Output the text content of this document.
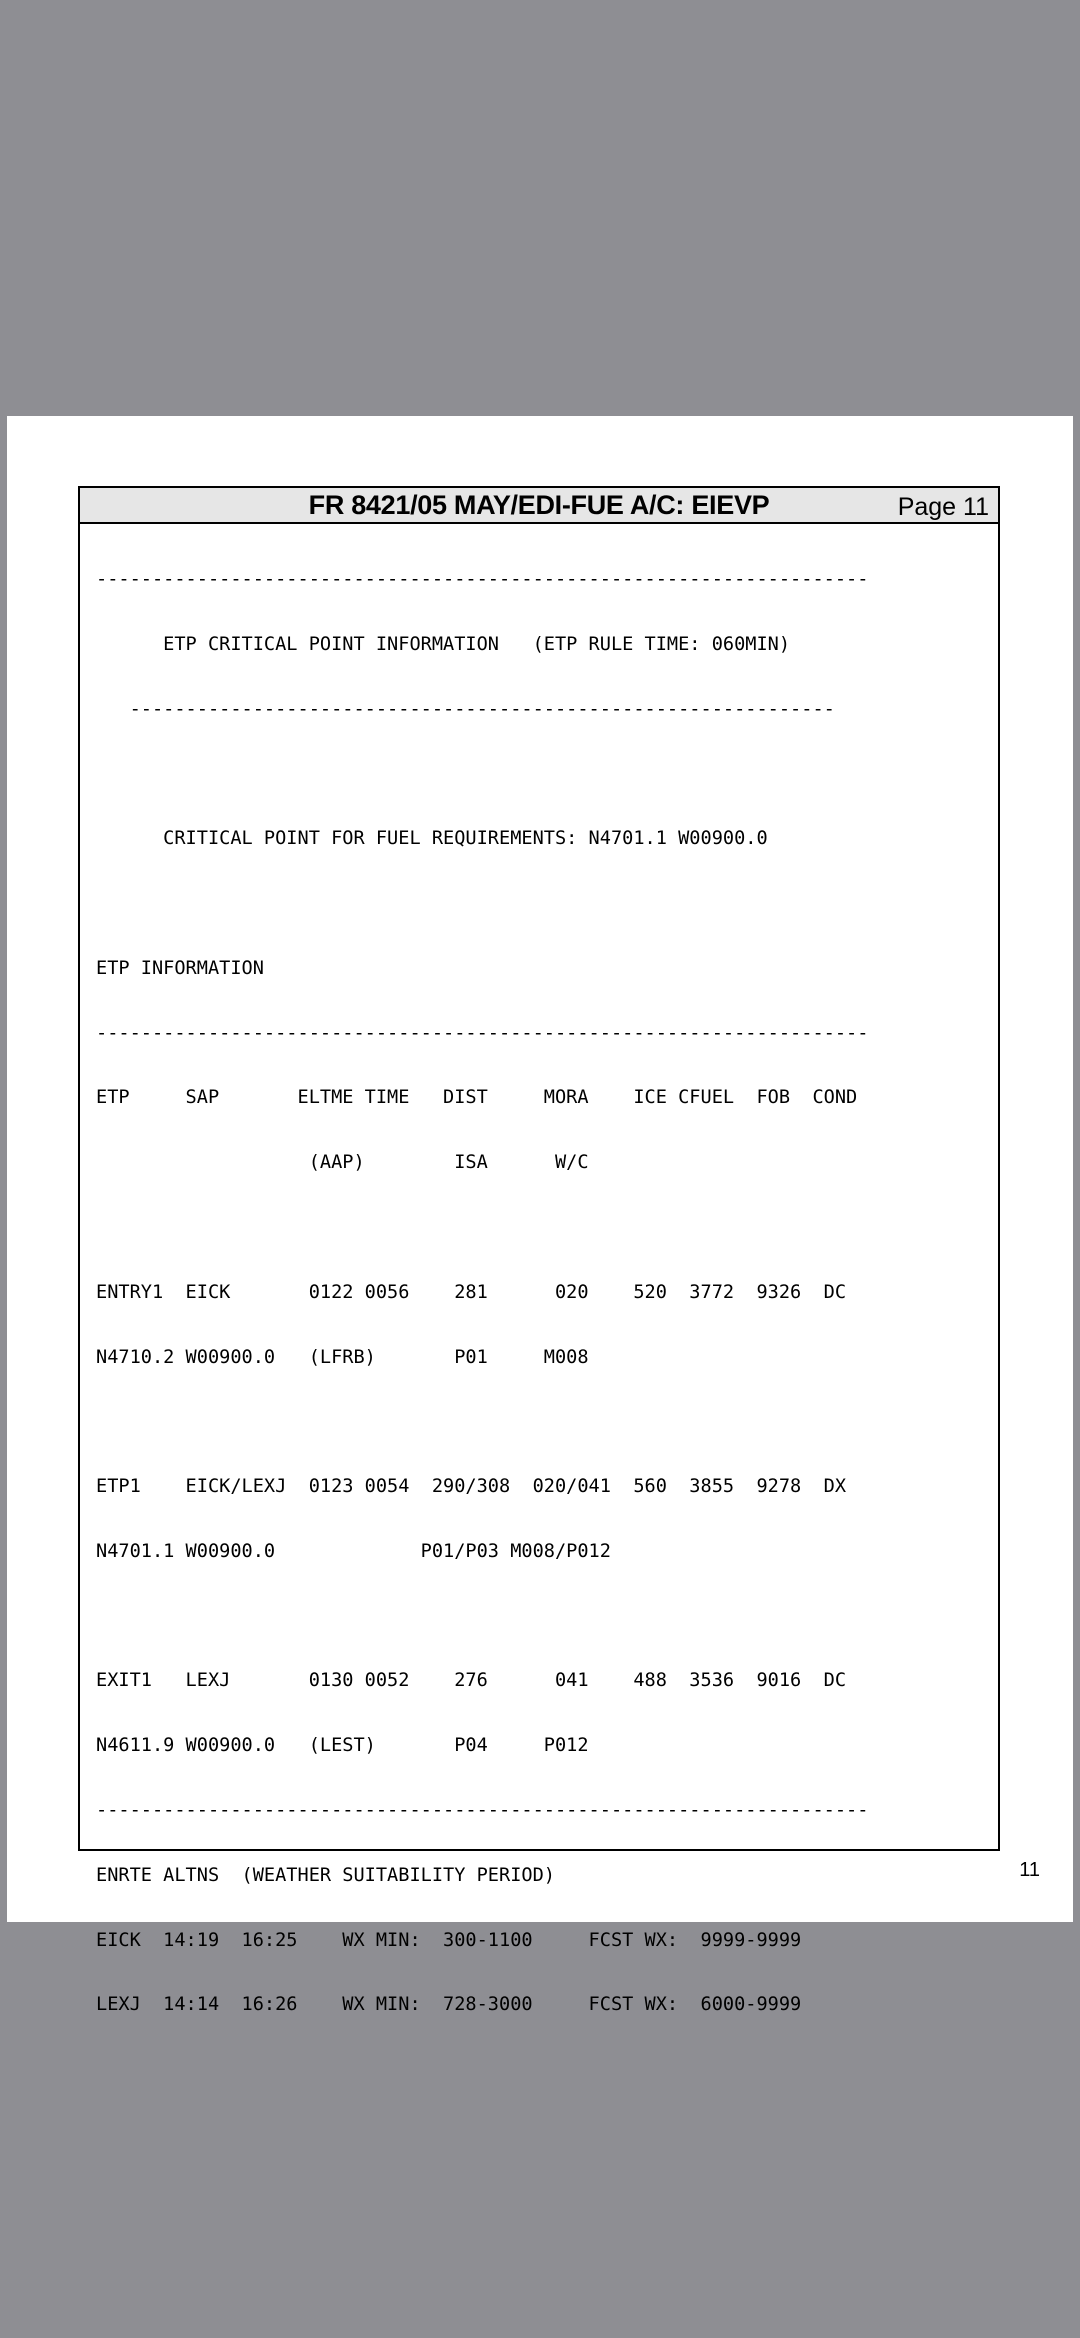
FR 8421/05 MAY/EDI-FUE A/C: EIEVP	Page 11

---------------------------------------------------------------------

ETP CRITICAL POINT INFORMATION   (ETP RULE TIME: 060MIN)

---------------------------------------------------------------

CRITICAL POINT FOR FUEL REQUIREMENTS: N4701.1 W00900.0

ETP INFORMATION

---------------------------------------------------------------------

ETP     SAP       ELTME TIME   DIST     MORA    ICE CFUEL  FOB  COND

(AAP)        ISA      W/C

ENTRY1  EICK       0122 0056    281      020    520  3772  9326  DC

N4710.2 W00900.0   (LFRB)       P01     M008

ETP1    EICK/LEXJ  0123 0054  290/308  020/041  560  3855  9278  DX

N4701.1 W00900.0             P01/P03 M008/P012

EXIT1   LEXJ       0130 0052    276      041    488  3536  9016  DC

N4611.9 W00900.0   (LEST)       P04     P012

---------------------------------------------------------------------

ENRTE ALTNS  (WEATHER SUITABILITY PERIOD)

EICK  14:19  16:25    WX MIN:  300-1100     FCST WX:  9999-9999

LEXJ  14:14  16:26    WX MIN:  728-3000     FCST WX:  6000-9999

11
